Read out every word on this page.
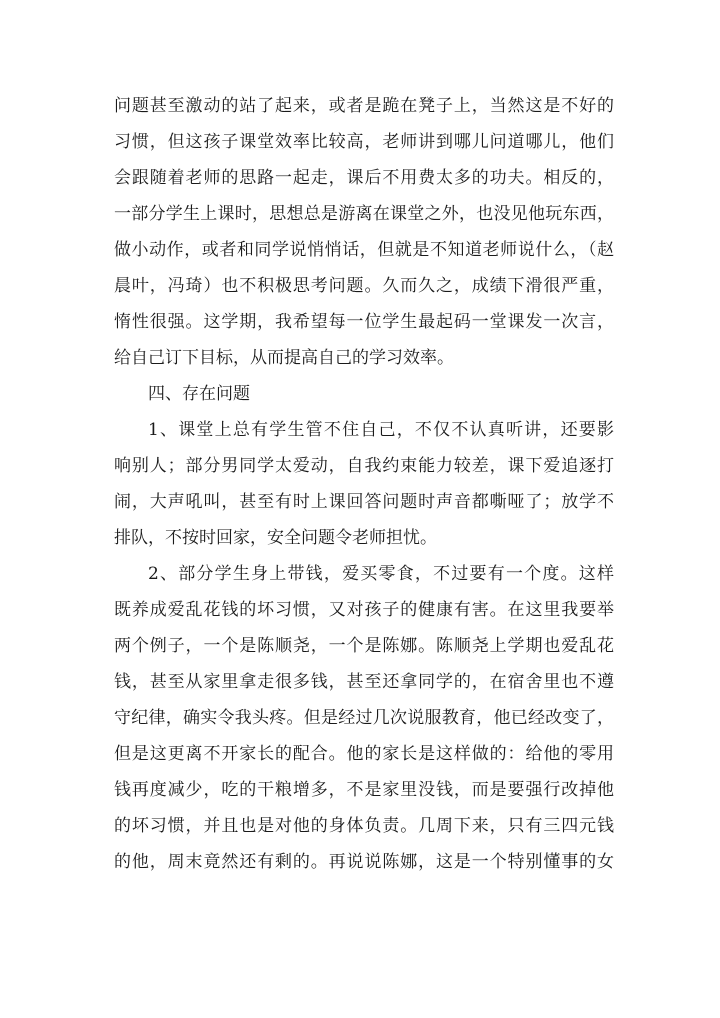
问题甚至激动的站了起来，或者是跪在凳子上，当然这是不好的
习惯，但这孩子课堂效率比较高，老师讲到哪儿问道哪儿，他们
会跟随着老师的思路一起走，课后不用费太多的功夫。相反的，
一部分学生上课时，思想总是游离在课堂之外，也没见他玩东西，
做小动作，或者和同学说悄悄话，但就是不知道老师说什么，（赵
晨叶，冯琦）也不积极思考问题。久而久之，成绩下滑很严重，
惰性很强。这学期，我希望每一位学生最起码一堂课发一次言，
给自己订下目标，从而提高自己的学习效率。
四、存在问题
1、课堂上总有学生管不住自己，不仅不认真听讲，还要影
响别人；部分男同学太爱动，自我约束能力较差，课下爱追逐打
闹，大声吼叫，甚至有时上课回答问题时声音都嘶哑了；放学不
排队，不按时回家，安全问题令老师担忧。
2、部分学生身上带钱，爱买零食，不过要有一个度。这样
既养成爱乱花钱的坏习惯，又对孩子的健康有害。在这里我要举
两个例子，一个是陈顺尧，一个是陈娜。陈顺尧上学期也爱乱花
钱，甚至从家里拿走很多钱，甚至还拿同学的，在宿舍里也不遵
守纪律，确实令我头疼。但是经过几次说服教育，他已经改变了，
但是这更离不开家长的配合。他的家长是这样做的：给他的零用
钱再度减少，吃的干粮增多，不是家里没钱，而是要强行改掉他
的坏习惯，并且也是对他的身体负责。几周下来，只有三四元钱
的他，周末竟然还有剩的。再说说陈娜，这是一个特别懂事的女
